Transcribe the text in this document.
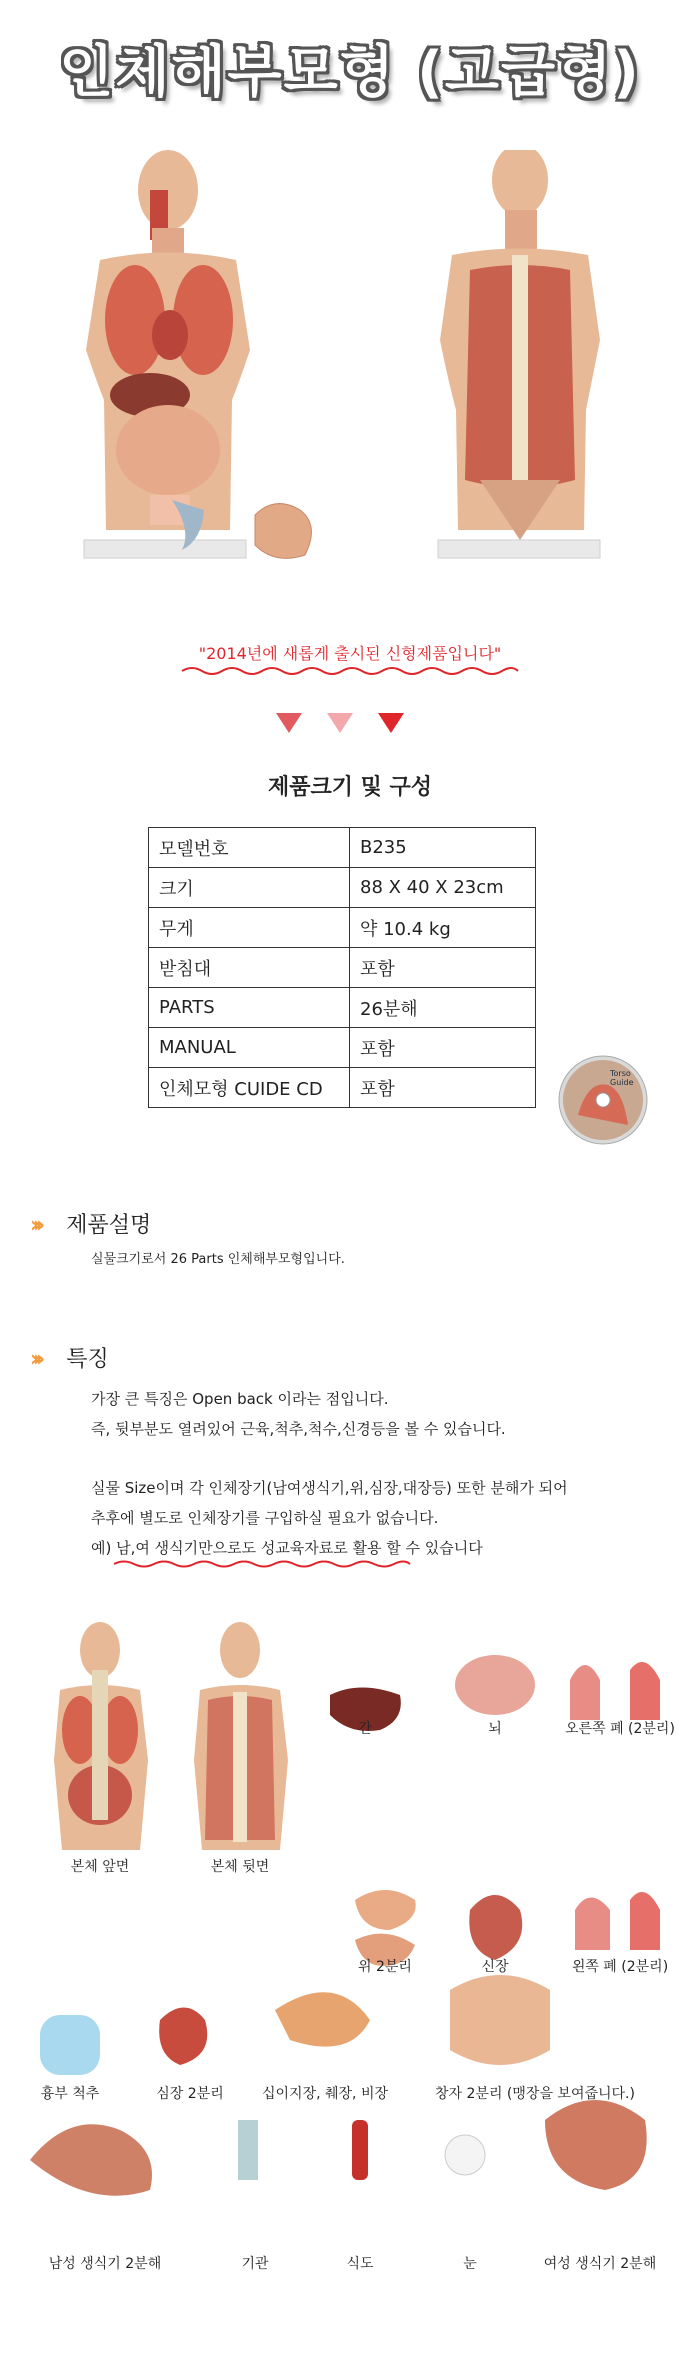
인체해부모형 (고급형)
"2014년에 새롭게 출시된 신형제품입니다"
제품크기 및 구성
모델번호	B235
크기	88 X 40 X 23cm
무게	약 10.4 kg
받침대	포함
PARTS	26분해
MANUAL	포함
인체모형 CUIDE CD	포함
Torso
Guide
››› 제품설명
실물크기로서 26 Parts 인체해부모형입니다.
››› 특징
가장 큰 특징은 Open back 이라는 점입니다.
즉, 뒷부분도 열려있어 근육,척추,척수,신경등을 볼 수 있습니다.
실물 Size이며 각 인체장기(남여생식기,위,심장,대장등) 또한 분해가 되어
추후에 별도로 인체장기를 구입하실 필요가 없습니다.
예) 남,여 생식기만으로도 성교육자료로 활용 할 수 있습니다
본체 앞면	본체 뒷면
간	뇌	오른쪽 폐 (2분리)
위 2분리	신장	왼쪽 폐 (2분리)
흉부 척추	심장 2분리	십이지장, 췌장, 비장	창자 2분리 (맹장을 보여줍니다.)
남성 생식기 2분해	기관	식도	눈	여성 생식기 2분해
